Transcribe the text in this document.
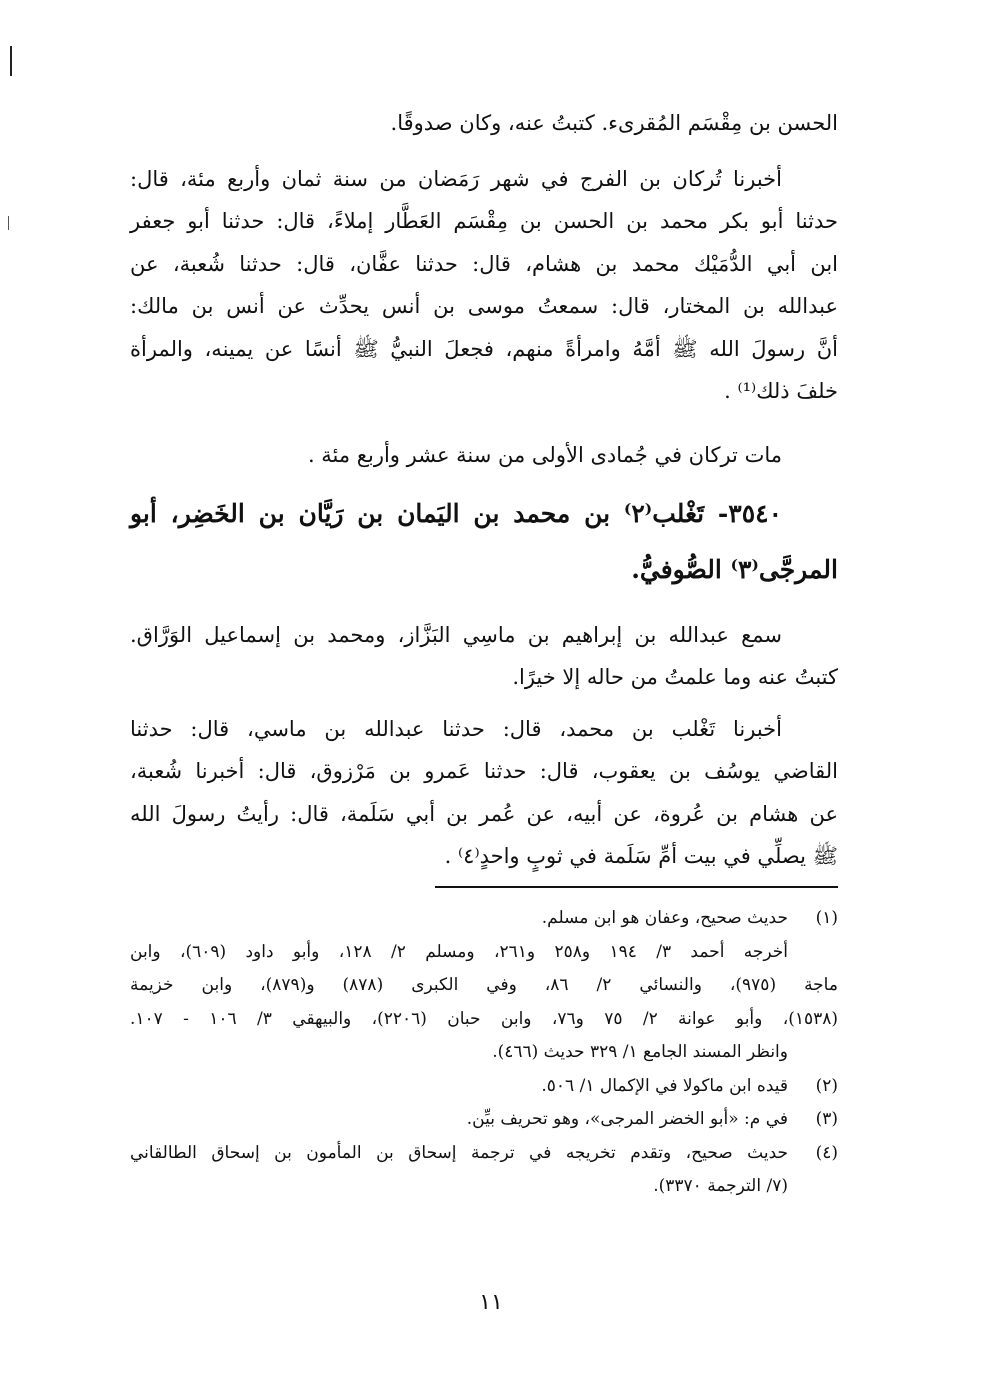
الحسن بن مِقْسَم المُقرىء. كتبتُ عنه، وكان صدوقًا.

أخبرنا تُركان بن الفرج في شهر رَمَضان من سنة ثمان وأربع مئة، قال:

حدثنا أبو بكر محمد بن الحسن بن مِقْسَم العَطَّار إملاءً، قال: حدثنا أبو جعفر
ابن أبي الدُّمَيْك محمد بن هشام، قال: حدثنا عفَّان، قال: حدثنا شُعبة، عن
عبدالله بن المختار، قال: سمعتُ موسى بن أنس يحدِّث عن أنس بن مالك:
أنَّ رسولَ الله ﷺ أمَّهُ وامرأةً منهم، فجعلَ النبيُّ ﷺ أنسًا عن يمينه، والمرأة
خلفَ ذلك⁽¹⁾ .

مات تركان في جُمادى الأولى من سنة عشر وأربع مئة .

٣٥٤٠- تَغْلب⁽٢⁾ بن محمد بن اليَمان بن رَيَّان بن الخَضِر، أبو

المرجَّى⁽٣⁾ الصُّوفيُّ.

سمع عبدالله بن إبراهيم بن ماسِي البَزَّاز، ومحمد بن إسماعيل الوَرَّاق.

كتبتُ عنه وما علمتُ من حاله إلا خيرًا.

أخبرنا تَغْلب بن محمد، قال: حدثنا عبدالله بن ماسي، قال: حدثنا

القاضي يوسُف بن يعقوب، قال: حدثنا عَمرو بن مَرْزوق، قال: أخبرنا شُعبة،
عن هشام بن عُروة، عن أبيه، عن عُمر بن أبي سَلَمة، قال: رأيتُ رسولَ الله
ﷺ يصلِّي في بيت أمِّ سَلَمة في ثوبٍ واحدٍ⁽٤⁾ .

(١)
حديث صحيح، وعفان هو ابن مسلم.
أخرجه أحمد ٣/ ١٩٤ و٢٥٨ و٢٦١، ومسلم ٢/ ١٢٨، وأبو داود (٦٠٩)، وابن
ماجة (٩٧٥)، والنسائي ٢/ ٨٦، وفي الكبرى (٨٧٨) و(٨٧٩)، وابن خزيمة
(١٥٣٨)، وأبو عوانة ٢/ ٧٥ و٧٦، وابن حبان (٢٢٠٦)، والبيهقي ٣/ ١٠٦ - ١٠٧.
وانظر المسند الجامع ١/ ٣٢٩ حديث (٤٦٦).
(٢)
قيده ابن ماكولا في الإكمال ١/ ٥٠٦.
(٣)
في م: «أبو الخضر المرجى»، وهو تحريف بيِّن.
(٤)
حديث صحيح، وتقدم تخريجه في ترجمة إسحاق بن المأمون بن إسحاق الطالقاني
(٧/ الترجمة ٣٣٧٠).
١١
